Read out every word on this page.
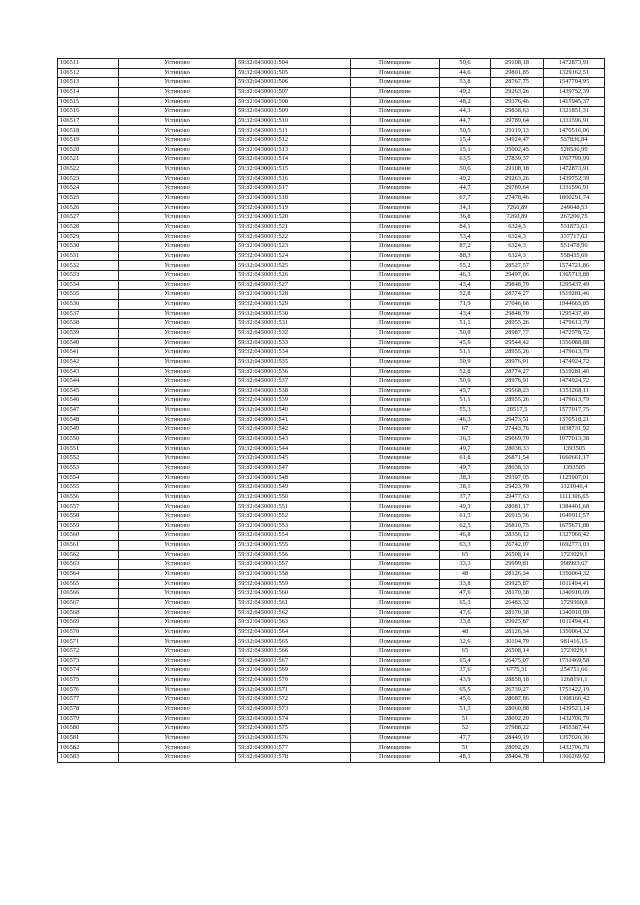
106511	Устиново	59:32:0430001:504	Помещение	50,6	29108,18	1472873,91
106512	Устиново	59:32:0430001:505	Помещение	44,6	29801,85	1329162,51
106513	Устиново	59:32:0430001:506	Помещение	53,8	28767,75	1547704,95
106514	Устиново	59:32:0430001:507	Помещение	49,2	29263,26	1439752,39
106515	Устиново	59:32:0430001:508	Помещение	48,2	29376,46	1415945,37
106516	Устиново	59:32:0430001:509	Помещение	44,3	29838,63	1321851,31
106517	Устиново	59:32:0430001:510	Помещение	44,7	29789,64	1331596,91
106518	Устиново	59:32:0430001:511	Помещение	50,5	29119,13	1470516,06
106519	Устиново	59:32:0430001:512	Помещение	15,4	34924,47	537836,84
106520	Устиново	59:32:0430001:513	Помещение	15,1	35002,45	528536,99
106521	Устиново	59:32:0430001:514	Помещение	63,5	27839,37	1767799,99
106522	Устиново	59:32:0430001:515	Помещение	50,6	29108,18	1472873,91
106523	Устиново	59:32:0430001:516	Помещение	49,2	29263,26	1439752,39
106524	Устиново	59:32:0430001:517	Помещение	44,7	29789,64	1331596,91
106525	Устиново	59:32:0430001:518	Помещение	67,7	27478,46	1860291,74
106526	Устиново	59:32:0430001:519	Помещение	34,3	7260,89	249048,53
106527	Устиново	59:32:0430001:520	Помещение	36,8	7260,89	267200,75
106528	Устиново	59:32:0430001:521	Помещение	84,1	6324,3	531873,63
106529	Устиново	59:32:0430001:522	Помещение	53,4	6324,3	337717,62
106530	Устиново	59:32:0430001:523	Помещение	87,2	6324,3	551478,96
106531	Устиново	59:32:0430001:524	Помещение	88,3	6324,3	558435,69
106532	Устиново	59:32:0430001:525	Помещение	55,2	28527,57	1574721,86
106533	Устиново	59:32:0430001:526	Помещение	46,3	29497,06	1365713,88
106534	Устиново	59:32:0430001:527	Помещение	43,4	29848,79	1295437,49
106535	Устиново	59:32:0430001:528	Помещение	52,8	28774,27	1519281,46
106536	Устиново	59:32:0430001:529	Помещение	71,9	27046,66	1944665,85
106537	Устиново	59:32:0430001:530	Помещение	43,4	29848,79	1295437,49
106538	Устиново	59:32:0430001:531	Помещение	51,1	28955,26	1479613,79
106539	Устиново	59:32:0430001:532	Помещение	50,8	28987,77	1472578,72
106540	Устиново	59:32:0430001:533	Помещение	45,9	29544,42	1356088,88
106541	Устиново	59:32:0430001:534	Помещение	51,1	28955,26	1479613,79
106542	Устиново	59:32:0430001:535	Помещение	50,9	28976,91	1474924,72
106543	Устиново	59:32:0430001:536	Помещение	52,8	28774,27	1519281,46
106544	Устиново	59:32:0430001:537	Помещение	50,9	28976,91	1474924,72
106545	Устиново	59:32:0430001:538	Помещение	45,7	29568,23	1351268,11
106546	Устиново	59:32:0430001:539	Помещение	51,1	28955,26	1479613,79
106547	Устиново	59:32:0430001:540	Помещение	55,3	28517,5	1577017,75
106548	Устиново	59:32:0430001:541	Помещение	46,3	29473,51	1370518,21
106549	Устиново	59:32:0430001:542	Помещение	67	27443,76	1838731,92
106550	Устиново	59:32:0430001:543	Помещение	36,3	29669,79	1077013,38
106551	Устиново	59:32:0430001:544	Помещение	49,7	28038,33	1393505
106552	Устиново	59:32:0430001:545	Помещение	61,8	26871,54	1660661,17
106553	Устиново	59:32:0430001:547	Помещение	49,7	28038,33	1393505
106554	Устиново	59:32:0430001:548	Помещение	38,3	29397,05	1125907,01
106555	Устиново	59:32:0430001:549	Помещение	38,1	29423,79	1121046,4
106556	Устиново	59:32:0430001:550	Помещение	37,7	29477,63	1111306,65
106557	Устиново	59:32:0430001:551	Помещение	49,3	28081,17	1384401,68
106558	Устиново	59:32:0430001:552	Помещение	61,3	26915,36	1649911,57
106559	Устиново	59:32:0430001:553	Помещение	62,5	26810,75	1675671,88
106560	Устиново	59:32:0430001:554	Помещение	46,8	28356,12	1327066,42
106561	Устиново	59:32:0430001:555	Помещение	63,3	26742,07	1692773,03
106562	Устиново	59:32:0430001:556	Помещение	65	26508,14	1723029,1
106563	Устиново	59:32:0430001:557	Помещение	33,3	29999,81	998993,67
106564	Устиново	59:32:0430001:558	Помещение	48	28126,34	1350064,32
106565	Устиново	59:32:0430001:559	Помещение	33,8	29925,87	1011494,41
106566	Устиново	59:32:0430001:560	Помещение	47,6	28170,38	1340910,09
106567	Устиново	59:32:0430001:561	Помещение	65,3	26483,32	1729360,8
106568	Устиново	59:32:0430001:562	Помещение	47,6	28170,38	1340910,09
106569	Устиново	59:32:0430001:563	Помещение	33,8	29925,87	1011494,41
106570	Устиново	59:32:0430001:564	Помещение	48	28126,34	1350064,32
106571	Устиново	59:32:0430001:565	Помещение	32,6	30104,79	981416,15
106572	Устиново	59:32:0430001:566	Помещение	65	26508,14	1723029,1
106573	Устиново	59:32:0430001:567	Помещение	65,4	26475,07	1731469,58
106574	Устиново	59:32:0430001:569	Помещение	37,6	6775,31	254751,66
106575	Устиново	59:32:0430001:570	Помещение	43,9	28858,18	1268191,1
106576	Устиново	59:32:0430001:571	Помещение	65,5	26739,27	1751422,19
106577	Устиново	59:32:0430001:572	Помещение	45,6	28687,86	1308166,42
106578	Устиново	59:32:0430001:573	Помещение	51,3	28060,88	1439523,14
106579	Устиново	59:32:0430001:574	Помещение	51	28092,29	1432706,79
106580	Устиново	59:32:0430001:575	Помещение	52	27988,22	1455387,44
106581	Устиново	59:32:0430001:576	Помещение	47,7	28449,19	1357026,36
106582	Устиново	59:32:0430001:577	Помещение	51	28092,29	1432706,79
106583	Устиново	59:32:0430001:578	Помещение	48,1	28404,78	1366269,92
